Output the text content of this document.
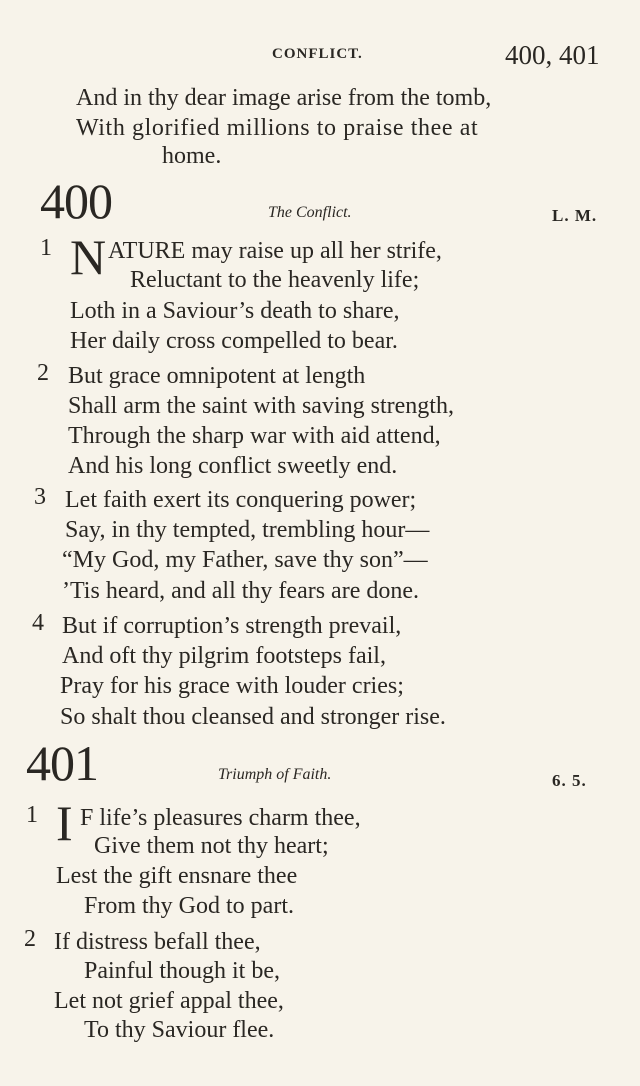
CONFLICT.	400, 401
And in thy dear image arise from the tomb,
With glorified millions to praise thee at
home.
400	The Conflict.	L. M.
1 N ATURE may raise up all her strife,
Reluctant to the heavenly life;
Loth in a Saviour’s death to share,
Her daily cross compelled to bear.
2 But grace omnipotent at length
Shall arm the saint with saving strength,
Through the sharp war with aid attend,
And his long conflict sweetly end.
3 Let faith exert its conquering power;
Say, in thy tempted, trembling hour—
“My God, my Father, save thy son”—
’Tis heard, and all thy fears are done.
4 But if corruption’s strength prevail,
And oft thy pilgrim footsteps fail,
Pray for his grace with louder cries;
So shalt thou cleansed and stronger rise.
401	Triumph of Faith.	6. 5.
1 I F life’s pleasures charm thee,
Give them not thy heart;
Lest the gift ensnare thee
From thy God to part.
2 If distress befall thee,
Painful though it be,
Let not grief appal thee,
To thy Saviour flee.
